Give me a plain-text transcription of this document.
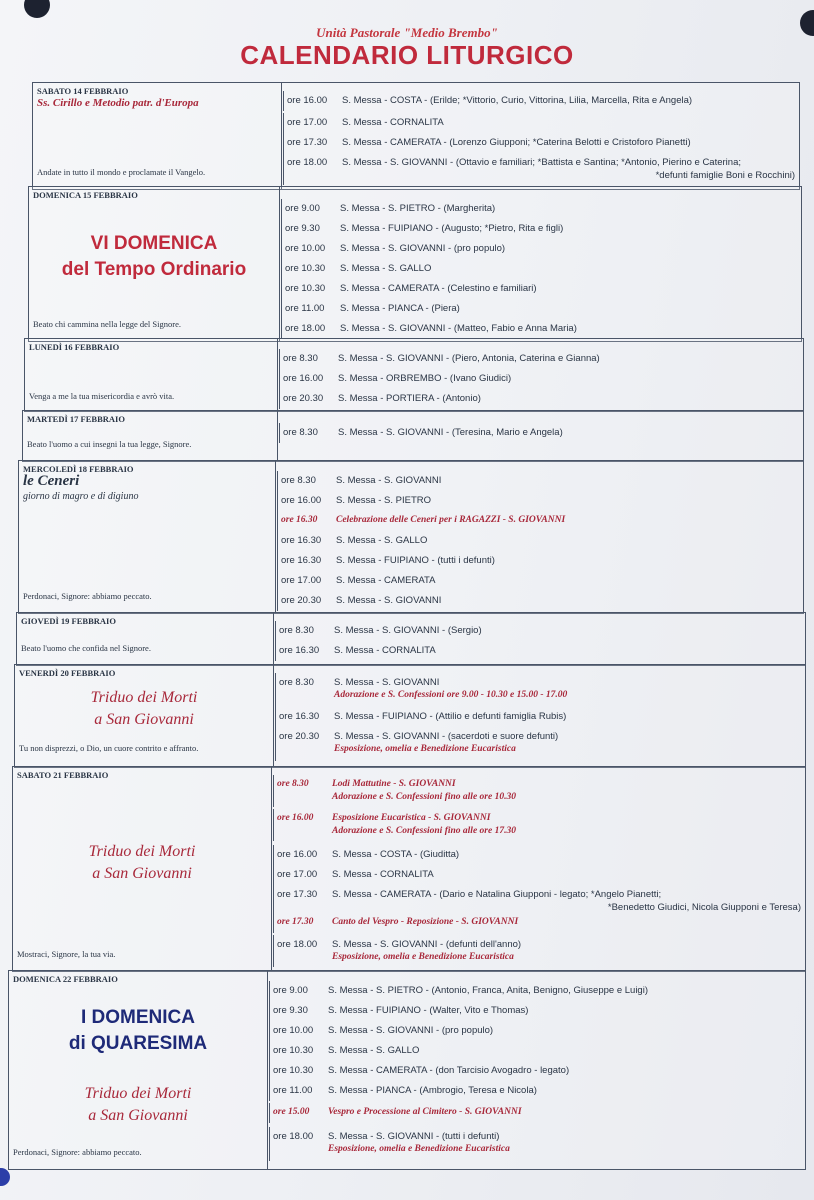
Unità Pastorale "Medio Brembo"
CALENDARIO LITURGICO
SABATO 14 FEBBRAIO
Ss. Cirillo e Metodio patr. d'Europa
Andate in tutto il mondo e proclamate il Vangelo.
ore 16.00 S. Messa - COSTA - (Erilde; *Vittorio, Curio, Vittorina, Lilia, Marcella, Rita e Angela)
ore 17.00 S. Messa - CORNALITA
ore 17.30 S. Messa - CAMERATA - (Lorenzo Giupponi; *Caterina Belotti e Cristoforo Pianetti)
ore 18.00 S. Messa - S. GIOVANNI - (Ottavio e familiari; *Battista e Santina; *Antonio, Pierino e Caterina;
*defunti famiglie Boni e Rocchini)
DOMENICA 15 FEBBRAIO
VI DOMENICA
del Tempo Ordinario
Beato chi cammina nella legge del Signore.
ore 9.00 S. Messa - S. PIETRO - (Margherita)
ore 9.30 S. Messa - FUIPIANO - (Augusto; *Pietro, Rita e figli)
ore 10.00 S. Messa - S. GIOVANNI - (pro populo)
ore 10.30 S. Messa - S. GALLO
ore 10.30 S. Messa - CAMERATA - (Celestino e familiari)
ore 11.00 S. Messa - PIANCA - (Piera)
ore 18.00 S. Messa - S. GIOVANNI - (Matteo, Fabio e Anna Maria)
LUNEDÌ 16 FEBBRAIO
Venga a me la tua misericordia e avrò vita.
ore 8.30 S. Messa - S. GIOVANNI - (Piero, Antonia, Caterina e Gianna)
ore 16.00 S. Messa - ORBREMBO - (Ivano Giudici)
ore 20.30 S. Messa - PORTIERA - (Antonio)
MARTEDÌ 17 FEBBRAIO
Beato l'uomo a cui insegni la tua legge, Signore.
ore 8.30 S. Messa - S. GIOVANNI - (Teresina, Mario e Angela)
MERCOLEDÌ 18 FEBBRAIO
le Ceneri
giorno di magro e di digiuno
Perdonaci, Signore: abbiamo peccato.
ore 8.30 S. Messa - S. GIOVANNI
ore 16.00 S. Messa - S. PIETRO
ore 16.30 Celebrazione delle Ceneri per i RAGAZZI - S. GIOVANNI
ore 16.30 S. Messa - S. GALLO
ore 16.30 S. Messa - FUIPIANO - (tutti i defunti)
ore 17.00 S. Messa - CAMERATA
ore 20.30 S. Messa - S. GIOVANNI
GIOVEDÌ 19 FEBBRAIO
Beato l'uomo che confida nel Signore.
ore 8.30 S. Messa - S. GIOVANNI - (Sergio)
ore 16.30 S. Messa - CORNALITA
VENERDÌ 20 FEBBRAIO
Triduo dei Morti
a San Giovanni
Tu non disprezzi, o Dio, un cuore contrito e affranto.
ore 8.30 S. Messa - S. GIOVANNI
Adorazione e S. Confessioni ore 9.00 - 10.30 e 15.00 - 17.00
ore 16.30 S. Messa - FUIPIANO - (Attilio e defunti famiglia Rubis)
ore 20.30 S. Messa - S. GIOVANNI - (sacerdoti e suore defunti)
Esposizione, omelia e Benedizione Eucaristica
SABATO 21 FEBBRAIO
Triduo dei Morti
a San Giovanni
Mostraci, Signore, la tua via.
ore 8.30 Lodi Mattutine - S. GIOVANNI
Adorazione e S. Confessioni fino alle ore 10.30
ore 16.00 Esposizione Eucaristica - S. GIOVANNI
Adorazione e S. Confessioni fino alle ore 17.30
ore 16.00 S. Messa - COSTA - (Giuditta)
ore 17.00 S. Messa - CORNALITA
ore 17.30 S. Messa - CAMERATA - (Dario e Natalina Giupponi - legato; *Angelo Pianetti;
*Benedetto Giudici, Nicola Giupponi e Teresa)
ore 17.30 Canto del Vespro - Reposizione - S. GIOVANNI
ore 18.00 S. Messa - S. GIOVANNI - (defunti dell'anno)
Esposizione, omelia e Benedizione Eucaristica
DOMENICA 22 FEBBRAIO
I DOMENICA
di QUARESIMA
Triduo dei Morti
a San Giovanni
Perdonaci, Signore: abbiamo peccato.
ore 9.00 S. Messa - S. PIETRO - (Antonio, Franca, Anita, Benigno, Giuseppe e Luigi)
ore 9.30 S. Messa - FUIPIANO - (Walter, Vito e Thomas)
ore 10.00 S. Messa - S. GIOVANNI - (pro populo)
ore 10.30 S. Messa - S. GALLO
ore 10.30 S. Messa - CAMERATA - (don Tarcisio Avogadro - legato)
ore 11.00 S. Messa - PIANCA - (Ambrogio, Teresa e Nicola)
ore 15.00 Vespro e Processione al Cimitero - S. GIOVANNI
ore 18.00 S. Messa - S. GIOVANNI - (tutti i defunti)
Esposizione, omelia e Benedizione Eucaristica
